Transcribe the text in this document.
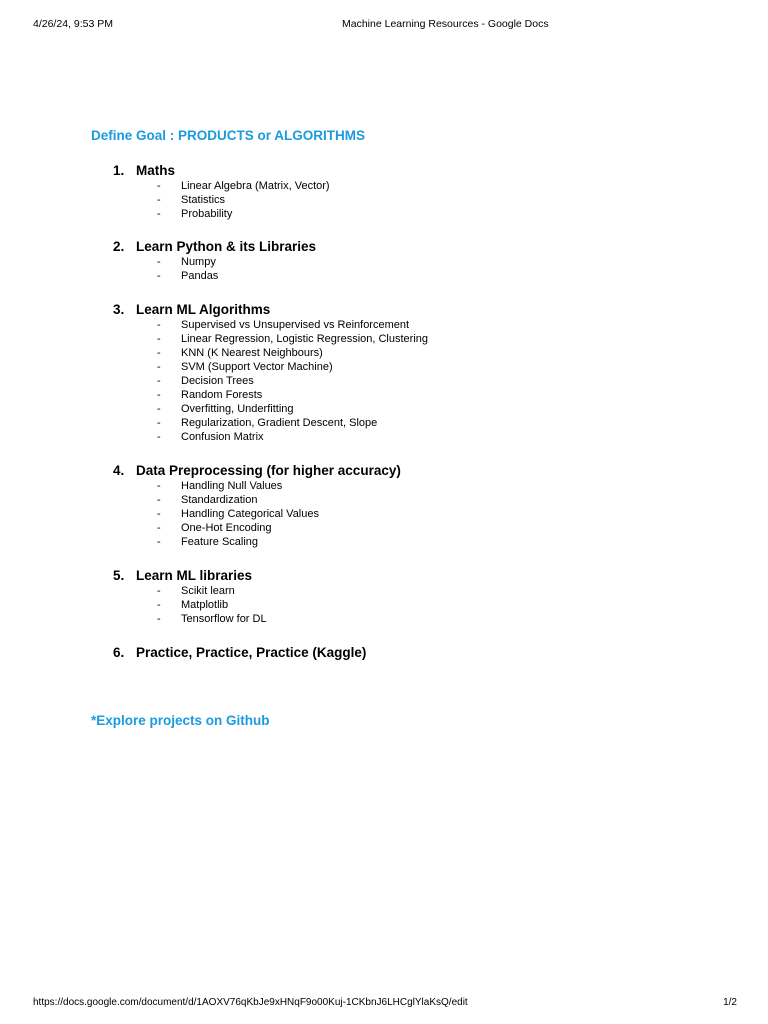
4/26/24, 9:53 PM	Machine Learning Resources - Google Docs
Define Goal : PRODUCTS or ALGORITHMS

1. Maths

- Linear Algebra (Matrix, Vector)
- Statistics
- Probability

2. Learn Python & its Libraries

- Numpy
- Pandas

3. Learn ML Algorithms

- Supervised vs Unsupervised vs Reinforcement
- Linear Regression, Logistic Regression, Clustering
- KNN (K Nearest Neighbours)
- SVM (Support Vector Machine)
- Decision Trees
- Random Forests
- Overfitting, Underfitting
- Regularization, Gradient Descent, Slope
- Confusion Matrix

4. Data Preprocessing (for higher accuracy)

- Handling Null Values
- Standardization
- Handling Categorical Values
- One-Hot Encoding
- Feature Scaling

5. Learn ML libraries

- Scikit learn
- Matplotlib
- Tensorflow for DL

6. Practice, Practice, Practice (Kaggle)

*Explore projects on Github
https://docs.google.com/document/d/1AOXV76qKbJe9xHNqF9o00Kuj-1CKbnJ6LHCglYlaKsQ/edit	1/2
